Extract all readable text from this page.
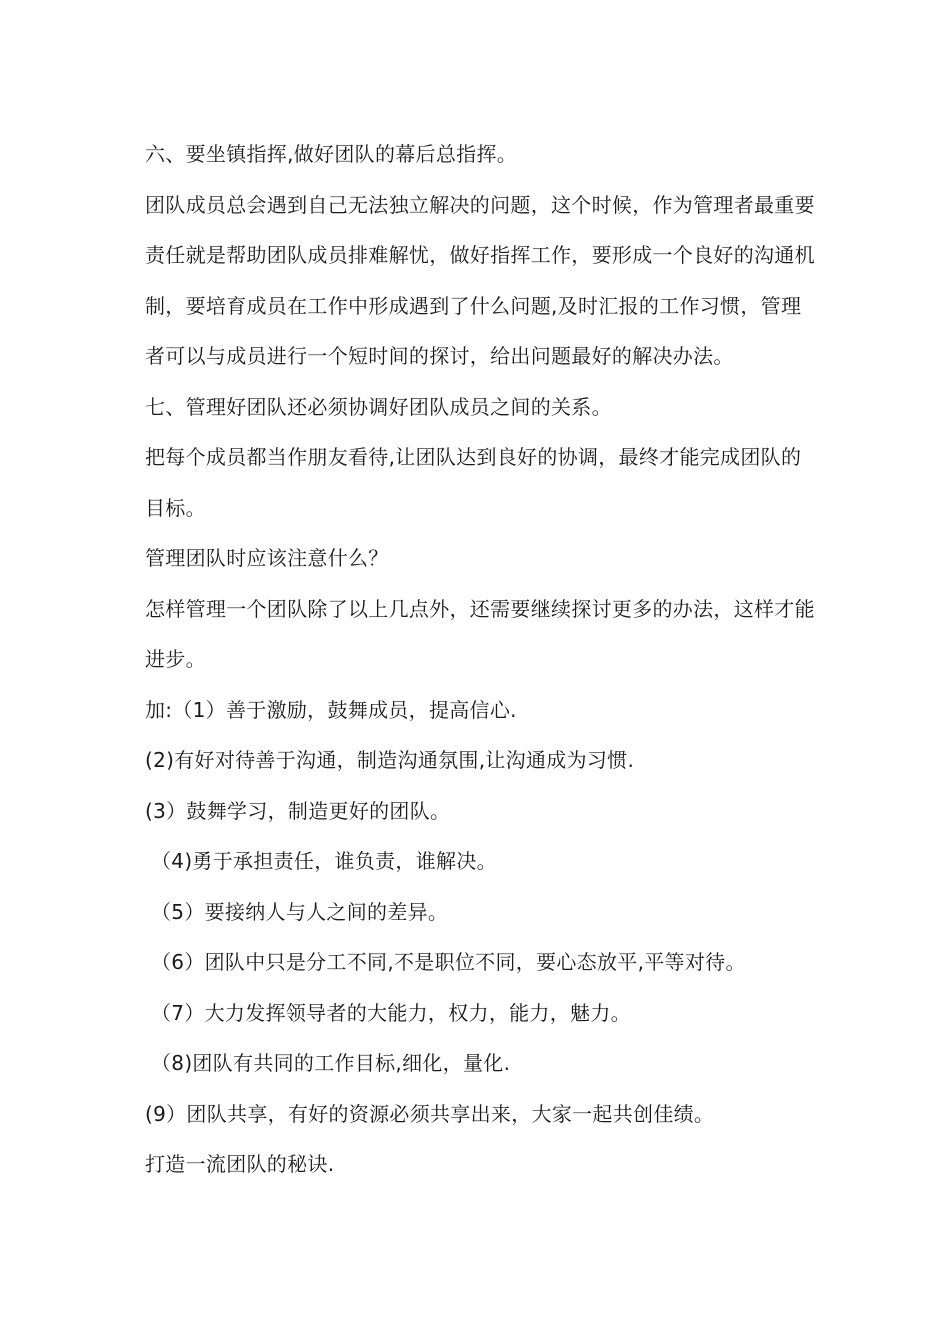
六、要坐镇指挥,做好团队的幕后总指挥。

团队成员总会遇到自己无法独立解决的问题，这个时候，作为管理者最重要责任就是帮助团队成员排难解忧，做好指挥工作，要形成一个良好的沟通机制，要培育成员在工作中形成遇到了什么问题,及时汇报的工作习惯，管理者可以与成员进行一个短时间的探讨，给出问题最好的解决办法。

七、管理好团队还必须协调好团队成员之间的关系。

把每个成员都当作朋友看待,让团队达到良好的协调，最终才能完成团队的目标。

管理团队时应该注意什么？

怎样管理一个团队除了以上几点外，还需要继续探讨更多的办法，这样才能进步。

加:（1）善于激励，鼓舞成员，提高信心.

(2)有好对待善于沟通，制造沟通氛围,让沟通成为习惯.

(3）鼓舞学习，制造更好的团队。

（4)勇于承担责任，谁负责，谁解决。

（5）要接纳人与人之间的差异。

（6）团队中只是分工不同,不是职位不同，要心态放平,平等对待。

（7）大力发挥领导者的大能力，权力，能力，魅力。

（8)团队有共同的工作目标,细化，量化.

(9）团队共享，有好的资源必须共享出来，大家一起共创佳绩。

打造一流团队的秘诀.
